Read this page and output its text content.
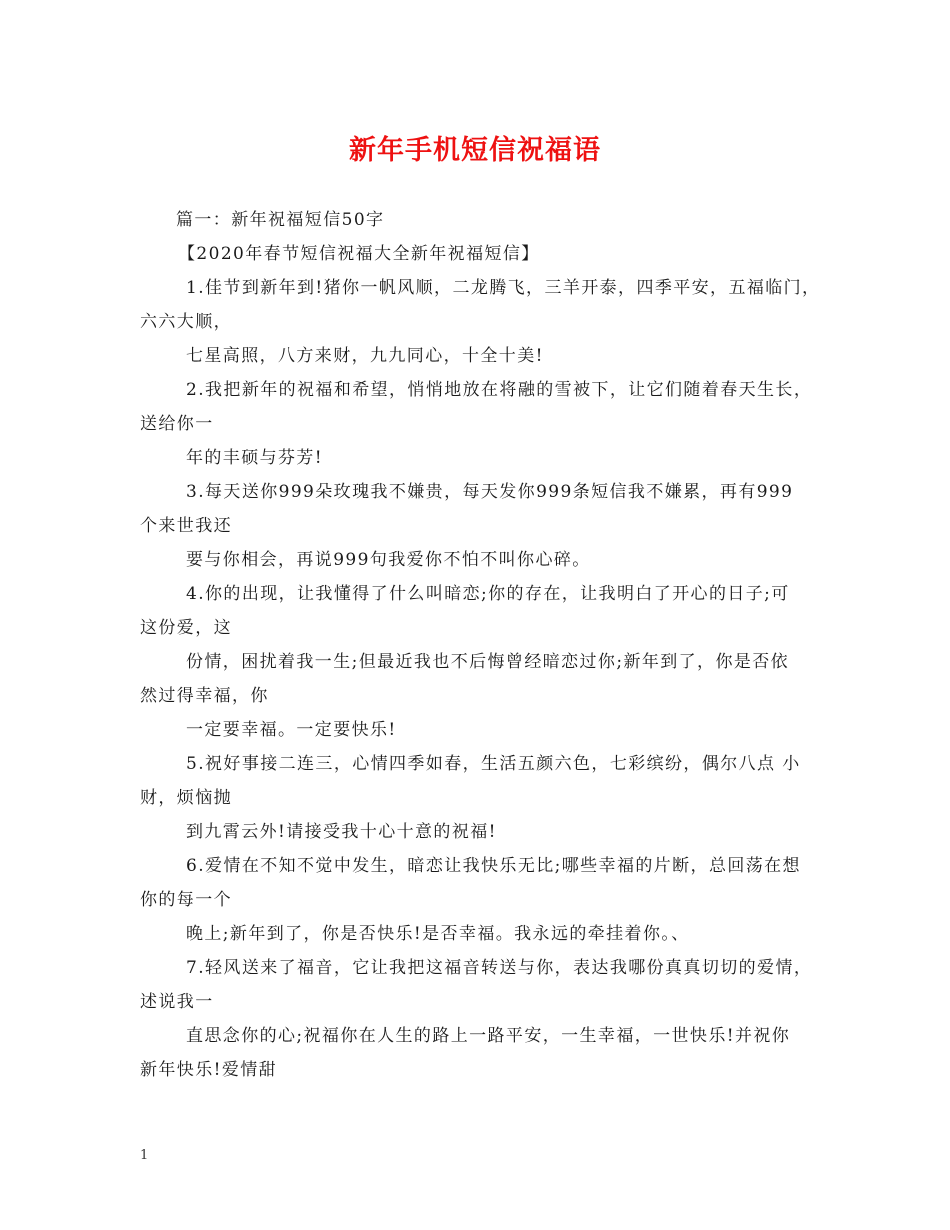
新年手机短信祝福语
篇一：新年祝福短信50字
【2020年春节短信祝福大全新年祝福短信】
1.佳节到新年到!猪你一帆风顺，二龙腾飞，三羊开泰，四季平安，五福临门，
六六大顺，
七星高照，八方来财，九九同心，十全十美!
2.我把新年的祝福和希望，悄悄地放在将融的雪被下，让它们随着春天生长，
送给你一
年的丰硕与芬芳!
3.每天送你999朵玫瑰我不嫌贵，每天发你999条短信我不嫌累，再有999
个来世我还
要与你相会，再说999句我爱你不怕不叫你心碎。
4.你的出现，让我懂得了什么叫暗恋;你的存在，让我明白了开心的日子;可
这份爱，这
份情，困扰着我一生;但最近我也不后悔曾经暗恋过你;新年到了，你是否依
然过得幸福，你
一定要幸福。一定要快乐!
5.祝好事接二连三，心情四季如春，生活五颜六色，七彩缤纷，偶尔八点 小
财，烦恼抛
到九霄云外!请接受我十心十意的祝福!
6.爱情在不知不觉中发生，暗恋让我快乐无比;哪些幸福的片断，总回荡在想
你的每一个
晚上;新年到了，你是否快乐!是否幸福。我永远的牵挂着你。、
7.轻风送来了福音，它让我把这福音转送与你，表达我哪份真真切切的爱情，
述说我一
直思念你的心;祝福你在人生的路上一路平安，一生幸福，一世快乐!并祝你
新年快乐!爱情甜
1
